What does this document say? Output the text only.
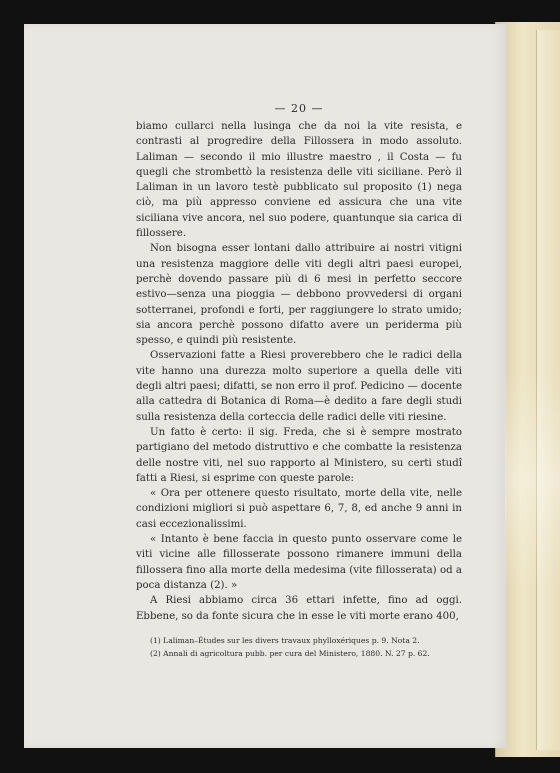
— 20 —

biamo cullarci nella lusinga che da noi la vite resista, e contrasti al progredire della Fillossera in modo assoluto. Laliman — secondo il mio illustre maestro , il Costa — fu quegli che strombettò la resistenza delle viti siciliane. Però il Laliman in un lavoro testè pubblicato sul proposito (1) nega ciò, ma più appresso conviene ed assicura che una vite siciliana vive ancora, nel suo podere, quantunque sia carica di fillossere.

Non bisogna esser lontani dallo attribuire ai nostri vitigni una resistenza maggiore delle viti degli altri paesi europei, perchè dovendo passare più di 6 mesi in perfetto seccore estivo—senza una pioggia — debbono provvedersi di organi sotterranei, profondi e forti, per raggiungere lo strato umido; sia ancora perchè possono difatto avere un periderma più spesso, e quindi più resistente.

Osservazioni fatte a Riesi proverebbero che le radici della vite hanno una durezza molto superiore a quella delle viti degli altri paesi; difatti, se non erro il prof. Pedicino — docente alla cattedra di Botanica di Roma—è dedito a fare degli studi sulla resistenza della corteccia delle radici delle viti riesine.

Un fatto è certo: il sig. Freda, che si è sempre mostrato partigiano del metodo distruttivo e che combatte la resistenza delle nostre viti, nel suo rapporto al Ministero, su certi studî fatti a Riesi, si esprime con queste parole:

« Ora per ottenere questo risultato, morte della vite, nelle condizioni migliori si può aspettare 6, 7, 8, ed anche 9 anni in casi eccezionalissimi.

« Intanto è bene faccia in questo punto osservare come le viti vicine alle fillosserate possono rimanere immuni della fillossera fino alla morte della medesima (vite fillosserata) od a poca distanza (2). »

A Riesi abbiamo circa 36 ettari infette, fino ad oggi. Ebbene, so da fonte sicura che in esse le viti morte erano 400,

(1) Laliman–Études sur les divers travaux phylloxériques p. 9. Nota 2.

(2) Annali di agricoltura pubb. per cura del Ministero, 1880. N. 27 p. 62.
